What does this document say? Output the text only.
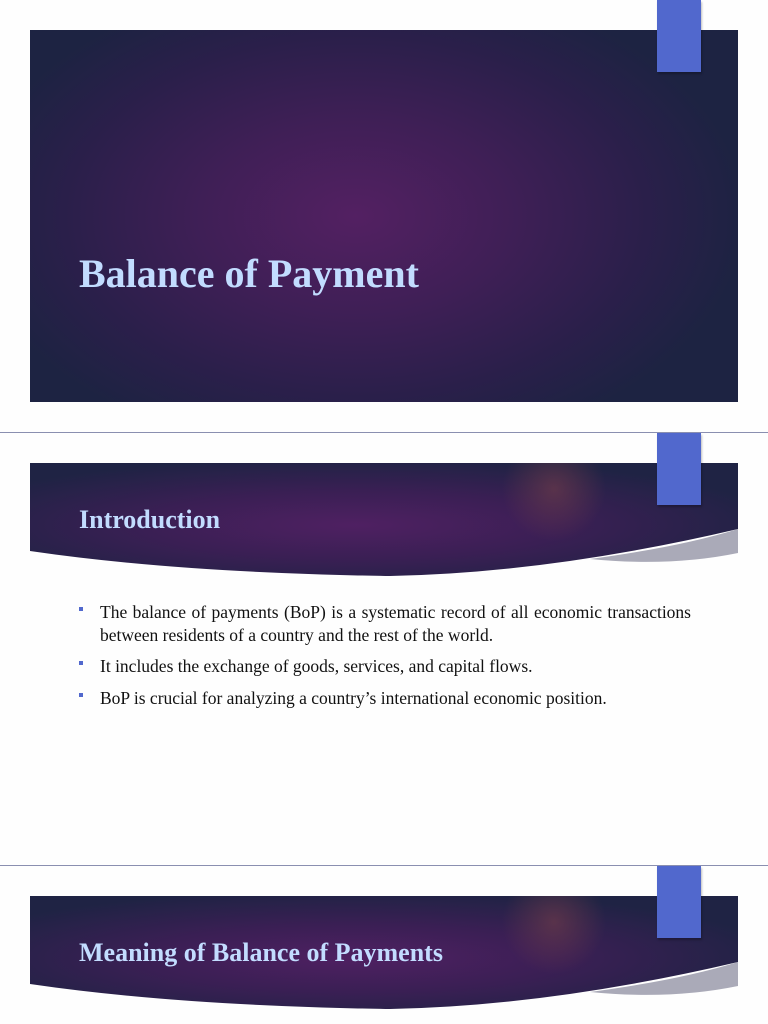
Balance of Payment
Introduction
The balance of payments (BoP) is a systematic record of all economic transactions between residents of a country and the rest of the world.
It includes the exchange of goods, services, and capital flows.
BoP is crucial for analyzing a country’s international economic position.
Meaning of Balance of Payments
